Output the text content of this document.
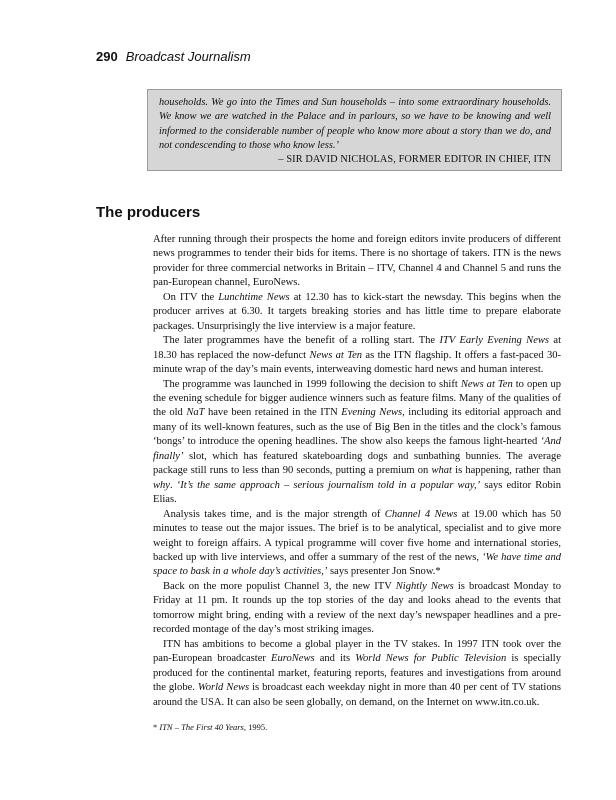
290 Broadcast Journalism
households. We go into the Times and Sun households – into some extraordinary households. We know we are watched in the Palace and in parlours, so we have to be knowing and well informed to the considerable number of people who know more about a story than we do, and not condescending to those who know less.’
– SIR DAVID NICHOLAS, FORMER EDITOR IN CHIEF, ITN
The producers

After running through their prospects the home and foreign editors invite producers of different news programmes to tender their bids for items. There is no shortage of takers. ITN is the news provider for three commercial networks in Britain – ITV, Channel 4 and Channel 5 and runs the pan-European channel, EuroNews.

On ITV the Lunchtime News at 12.30 has to kick-start the newsday. This begins when the producer arrives at 6.30. It targets breaking stories and has little time to prepare elaborate packages. Unsurprisingly the live interview is a major feature.

The later programmes have the benefit of a rolling start. The ITV Early Evening News at 18.30 has replaced the now-defunct News at Ten as the ITN flagship. It offers a fast-paced 30-minute wrap of the day’s main events, interweaving domestic hard news and human interest.

The programme was launched in 1999 following the decision to shift News at Ten to open up the evening schedule for bigger audience winners such as feature films. Many of the qualities of the old NaT have been retained in the ITN Evening News, including its editorial approach and many of its well-known features, such as the use of Big Ben in the titles and the clock’s famous ‘bongs’ to introduce the opening headlines. The show also keeps the famous light-hearted ‘And finally’ slot, which has featured skateboarding dogs and sunbathing bunnies. The average package still runs to less than 90 seconds, putting a premium on what is happening, rather than why. ‘It’s the same approach – serious journalism told in a popular way,’ says editor Robin Elias.

Analysis takes time, and is the major strength of Channel 4 News at 19.00 which has 50 minutes to tease out the major issues. The brief is to be analytical, specialist and to give more weight to foreign affairs. A typical programme will cover five home and international stories, backed up with live interviews, and offer a summary of the rest of the news, ‘We have time and space to bask in a whole day’s activities,’ says presenter Jon Snow.*

Back on the more populist Channel 3, the new ITV Nightly News is broadcast Monday to Friday at 11 pm. It rounds up the top stories of the day and looks ahead to the events that tomorrow might bring, ending with a review of the next day’s newspaper headlines and a pre-recorded montage of the day’s most striking images.

ITN has ambitions to become a global player in the TV stakes. In 1997 ITN took over the pan-European broadcaster EuroNews and its World News for Public Television is specially produced for the continental market, featuring reports, features and investigations from around the globe. World News is broadcast each weekday night in more than 40 per cent of TV stations around the USA. It can also be seen globally, on demand, on the Internet on www.itn.co.uk.

* ITN – The First 40 Years, 1995.
